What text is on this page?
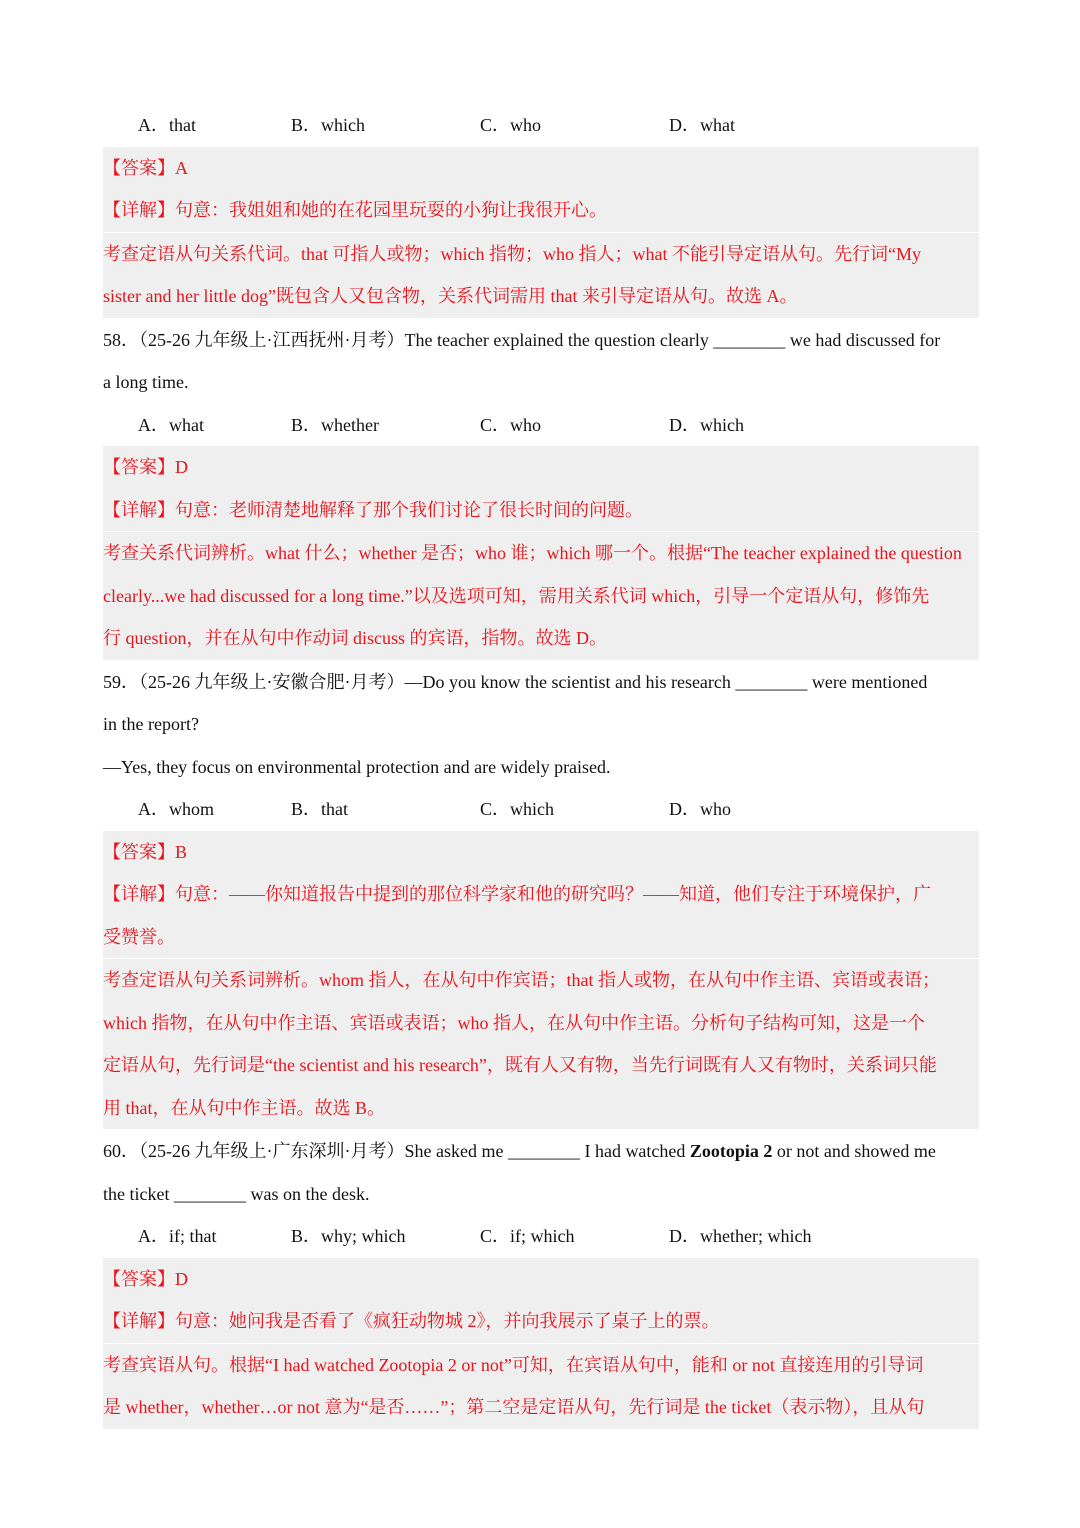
A．that	B．which	C．who	D．what
【答案】A
【详解】句意：我姐姐和她的在花园里玩耍的小狗让我很开心。
考查定语从句关系代词。that 可指人或物；which 指物；who 指人；what 不能引导定语从句。先行词“My
sister and her little dog”既包含人又包含物，关系代词需用 that 来引导定语从句。故选 A。
58．（25-26 九年级上·江西抚州·月考）The teacher explained the question clearly ________ we had discussed for
a long time.
A．what	B．whether	C．who	D．which
【答案】D
【详解】句意：老师清楚地解释了那个我们讨论了很长时间的问题。
考查关系代词辨析。what 什么；whether 是否；who 谁；which 哪一个。根据“The teacher explained the question
clearly...we had discussed for a long time.”以及选项可知，需用关系代词 which，引导一个定语从句，修饰先
行 question，并在从句中作动词 discuss 的宾语，指物。故选 D。
59．（25-26 九年级上·安徽合肥·月考）—Do you know the scientist and his research ________ were mentioned
in the report?
—Yes, they focus on environmental protection and are widely praised.
A．whom	B．that	C．which	D．who
【答案】B
【详解】句意：——你知道报告中提到的那位科学家和他的研究吗？——知道，他们专注于环境保护，广
受赞誉。
考查定语从句关系词辨析。whom 指人，在从句中作宾语；that 指人或物，在从句中作主语、宾语或表语；
which 指物，在从句中作主语、宾语或表语；who 指人，在从句中作主语。分析句子结构可知，这是一个
定语从句，先行词是“the scientist and his research”，既有人又有物，当先行词既有人又有物时，关系词只能
用 that，在从句中作主语。故选 B。
60．（25-26 九年级上·广东深圳·月考）She asked me ________ I had watched Zootopia 2 or not and showed me
the ticket ________ was on the desk.
A．if; that	B．why; which	C．if; which	D．whether; which
【答案】D
【详解】句意：她问我是否看了《疯狂动物城 2》，并向我展示了桌子上的票。
考查宾语从句。根据“I had watched Zootopia 2 or not”可知，在宾语从句中，能和 or not 直接连用的引导词
是 whether，whether…or not 意为“是否……”；第二空是定语从句，先行词是 the ticket（表示物），且从句
